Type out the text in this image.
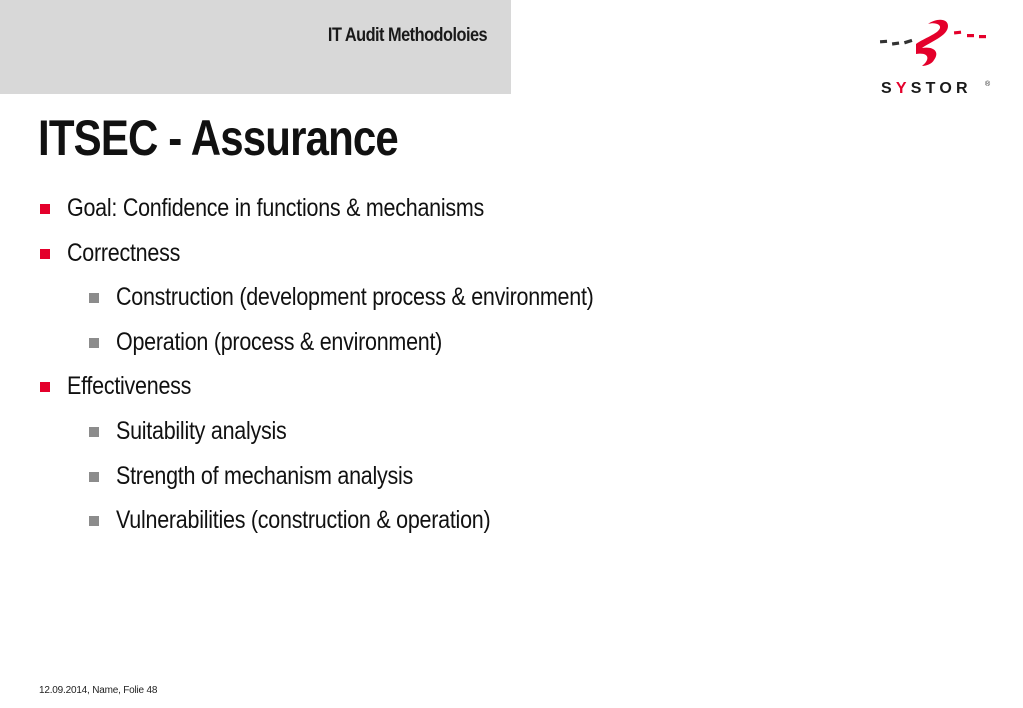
IT Audit Methodoloies
SYSTOR ®
ITSEC - Assurance
Goal: Confidence in functions & mechanisms
Correctness
Construction (development process & environment)
Operation (process & environment)
Effectiveness
Suitability analysis
Strength of mechanism analysis
Vulnerabilities (construction & operation)
12.09.2014, Name, Folie 48
